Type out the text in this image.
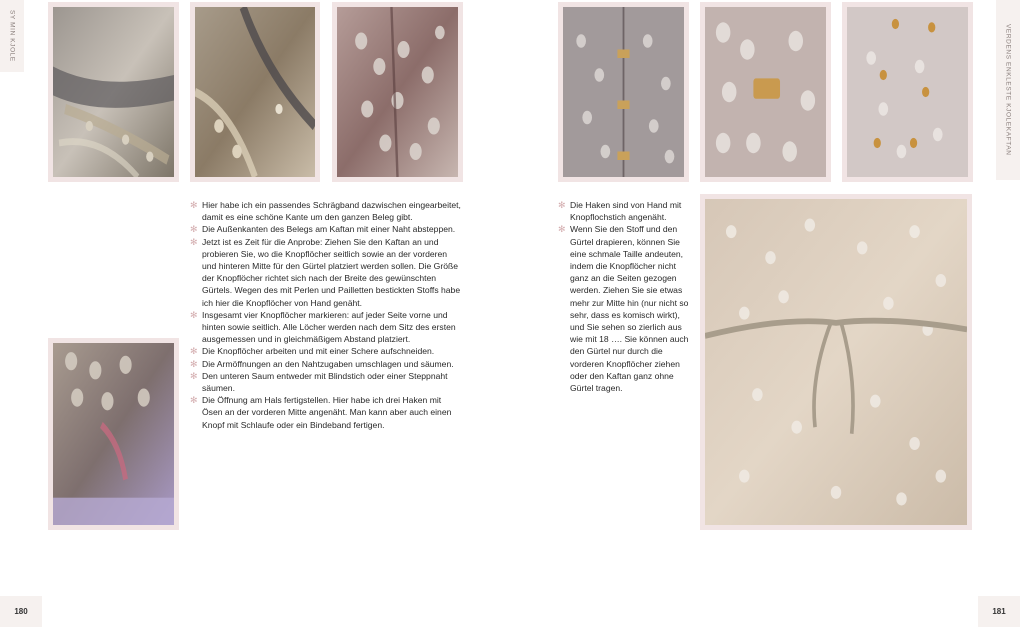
SY MIN KJOLE
180
VERDENS ENKLESTE KJOLEKAFTAN
181
✻ Hier habe ich ein passendes Schrägband dazwischen eingearbeitet, damit es eine schöne Kante um den ganzen Beleg gibt.
✻ Die Außenkanten des Belegs am Kaftan mit einer Naht absteppen.
✻ Jetzt ist es Zeit für die Anprobe: Ziehen Sie den Kaftan an und probieren Sie, wo die Knopflöcher seitlich sowie an der vorderen und hinteren Mitte für den Gürtel platziert werden sollen. Die Größe der Knopflöcher richtet sich nach der Breite des gewünschten Gürtels. Wegen des mit Perlen und Pailletten bestickten Stoffs habe ich hier die Knopflöcher von Hand genäht.
✻ Insgesamt vier Knopflöcher markieren: auf jeder Seite vorne und hinten sowie seitlich. Alle Löcher werden nach dem Sitz des ersten ausgemessen und in gleichmäßigem Abstand platziert.
✻ Die Knopflöcher arbeiten und mit einer Schere aufschneiden.
✻ Die Armöffnungen an den Nahtzugaben umschlagen und säumen.
✻ Den unteren Saum entweder mit Blindstich oder einer Steppnaht säumen.
✻ Die Öffnung am Hals fertigstellen. Hier habe ich drei Haken mit Ösen an der vorderen Mitte angenäht. Man kann aber auch einen Knopf mit Schlaufe oder ein Bindeband fertigen.
✻ Die Haken sind von Hand mit Knopflochstich angenäht.
✻ Wenn Sie den Stoff und den Gürtel drapieren, können Sie eine schmale Taille andeuten, indem die Knopflöcher nicht ganz an die Seiten gezogen werden. Ziehen Sie sie etwas mehr zur Mitte hin (nur nicht so sehr, dass es komisch wirkt), und Sie sehen so zierlich aus wie mit 18 …. Sie können auch den Gürtel nur durch die vorderen Knopflöcher ziehen oder den Kaftan ganz ohne Gürtel tragen.
